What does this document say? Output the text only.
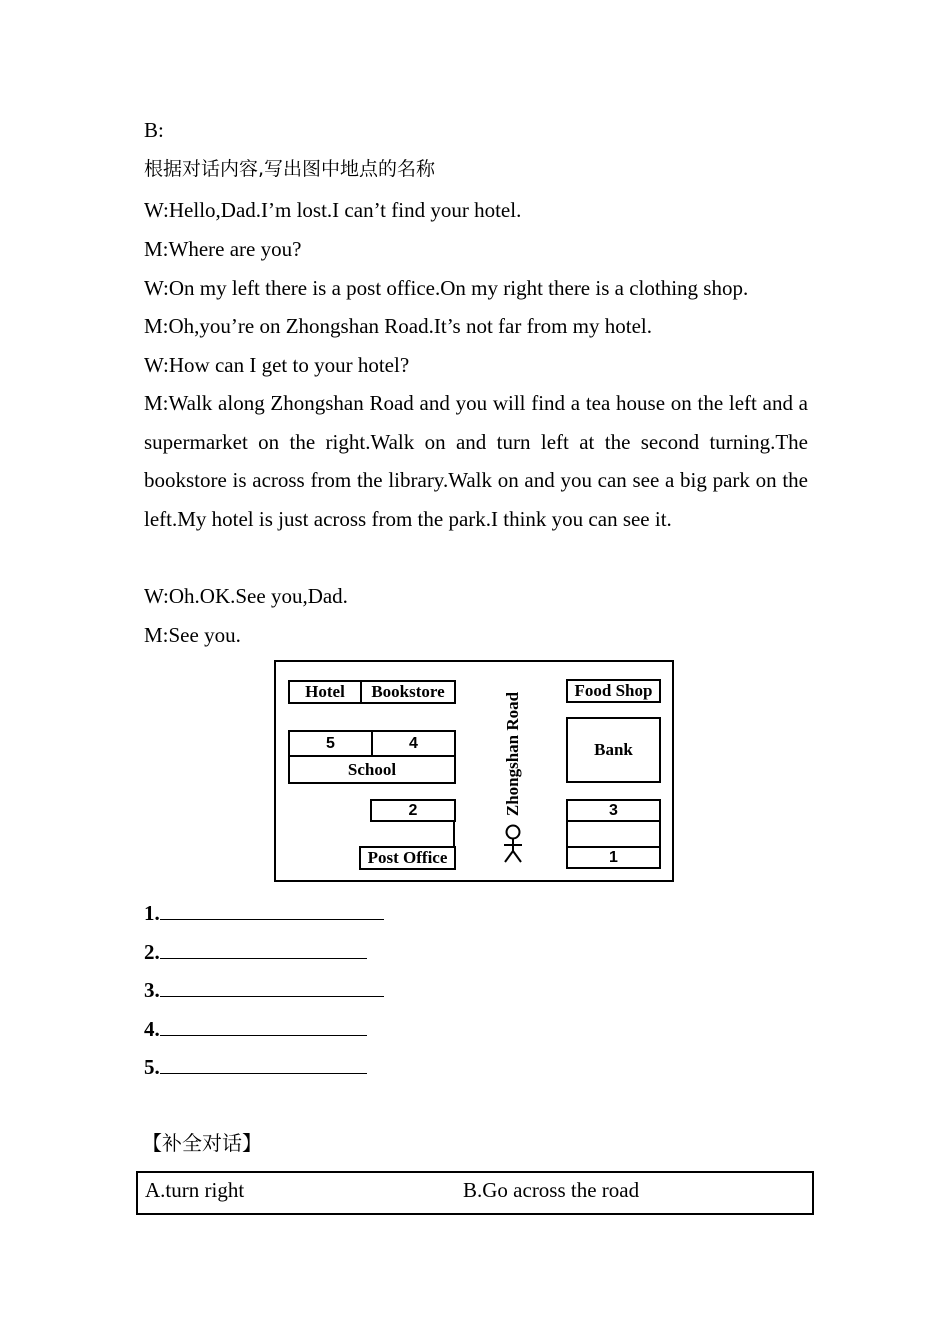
B:
根据对话内容,写出图中地点的名称
W:Hello,Dad.I’m lost.I can’t find your hotel.
M:Where are you?
W:On my left there is a post office.On my right there is a clothing shop.
M:Oh,you’re on Zhongshan Road.It’s not far from my hotel.
W:How can I get to your hotel?
M:Walk along Zhongshan Road and you will find a tea house on the left and a supermarket on the right.Walk on and turn left at the second turning.The bookstore is across from the library.Walk on and you can see a big park on the left.My hotel is just across from the park.I think you can see it.
W:Oh.OK.See you,Dad.
M:See you.
Hotel	Bookstore
5	4
School
2
Post Office
Food Shop
Bank
3
1
Zhongshan Road
1.
2.
3.
4.
5.
【补全对话】
A.turn right	B.Go across the road
